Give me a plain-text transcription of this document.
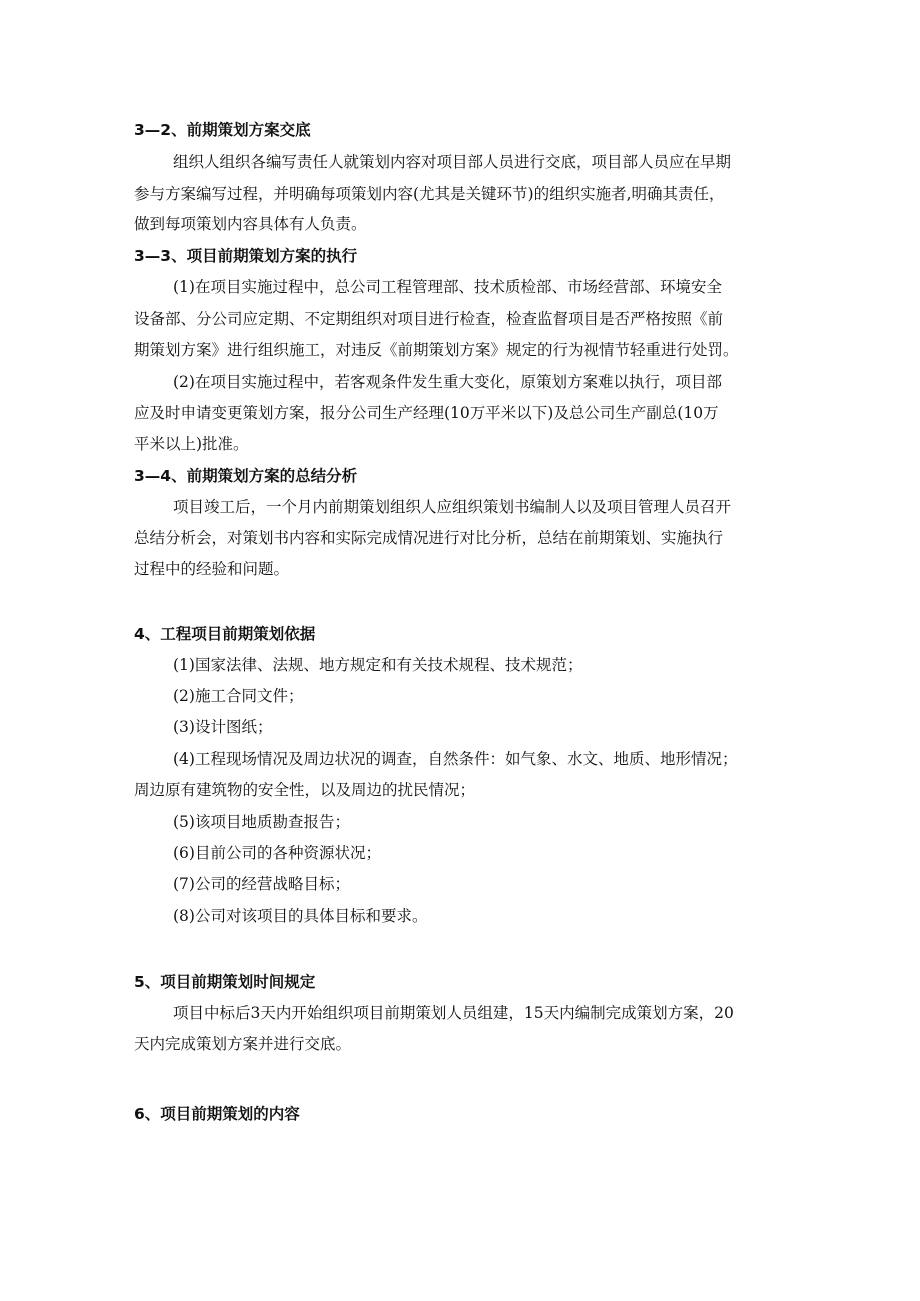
3—2、前期策划方案交底
组织人组织各编写责任人就策划内容对项目部人员进行交底，项目部人员应在早期
参与方案编写过程，并明确每项策划内容(尤其是关键环节)的组织实施者,明确其责任，
做到每项策划内容具体有人负责。
3—3、项目前期策划方案的执行
(1)在项目实施过程中，总公司工程管理部、技术质检部、市场经营部、环境安全
设备部、分公司应定期、不定期组织对项目进行检查，检查监督项目是否严格按照《前
期策划方案》进行组织施工，对违反《前期策划方案》规定的行为视情节轻重进行处罚。
(2)在项目实施过程中，若客观条件发生重大变化，原策划方案难以执行，项目部
应及时申请变更策划方案，报分公司生产经理(10万平米以下)及总公司生产副总(10万
平米以上)批准。
3—4、前期策划方案的总结分析
项目竣工后，一个月内前期策划组织人应组织策划书编制人以及项目管理人员召开
总结分析会，对策划书内容和实际完成情况进行对比分析，总结在前期策划、实施执行
过程中的经验和问题。
4、工程项目前期策划依据
(1)国家法律、法规、地方规定和有关技术规程、技术规范；
(2)施工合同文件；
(3)设计图纸；
(4)工程现场情况及周边状况的调查，自然条件：如气象、水文、地质、地形情况；
周边原有建筑物的安全性，以及周边的扰民情况；
(5)该项目地质勘查报告；
(6)目前公司的各种资源状况；
(7)公司的经营战略目标；
(8)公司对该项目的具体目标和要求。
5、项目前期策划时间规定
项目中标后3天内开始组织项目前期策划人员组建，15天内编制完成策划方案，20
天内完成策划方案并进行交底。
6、项目前期策划的内容
